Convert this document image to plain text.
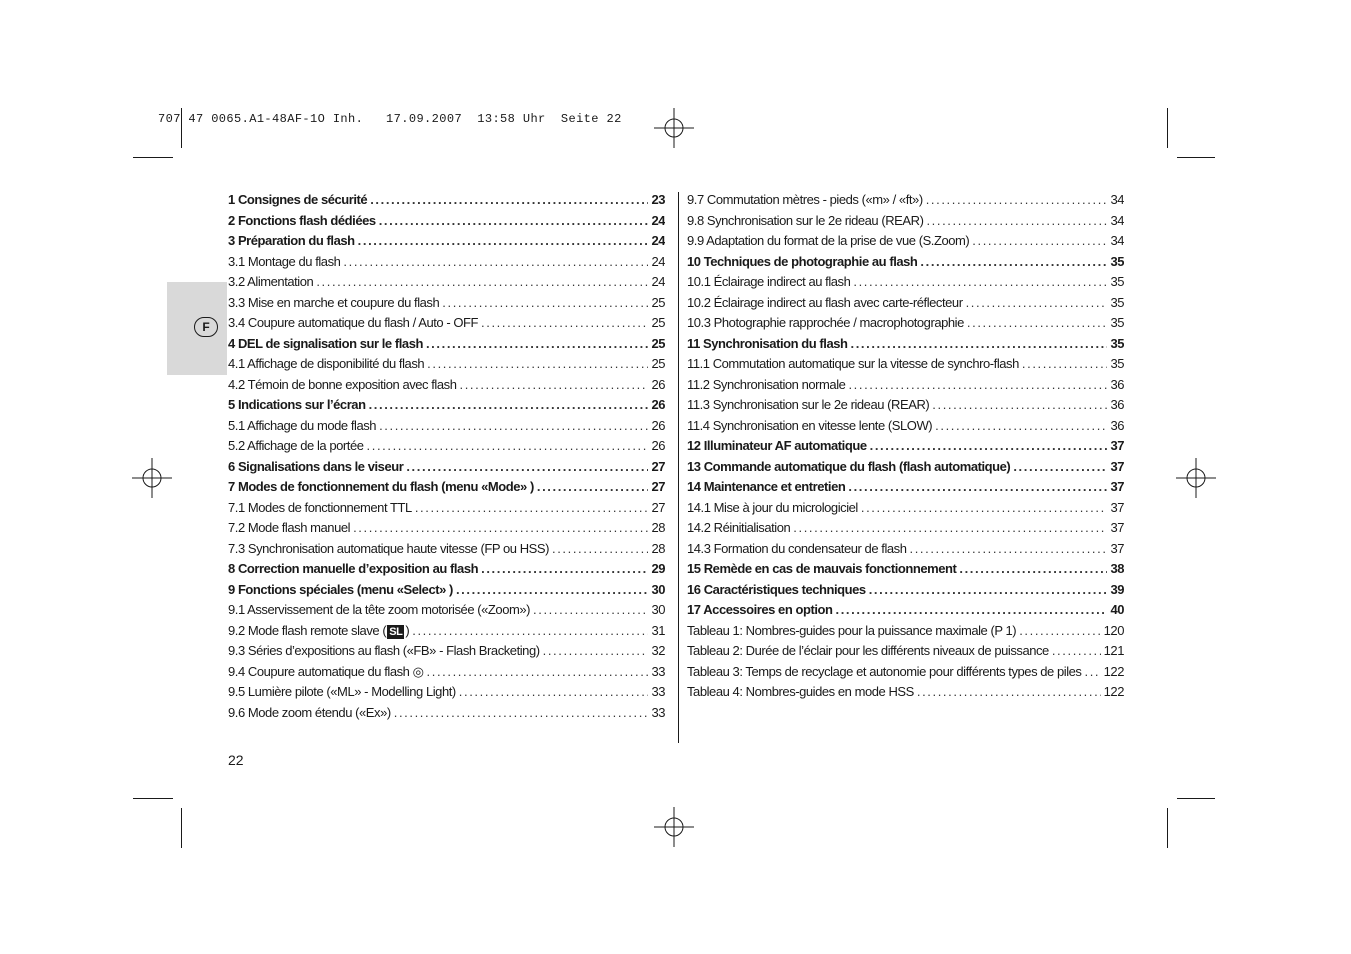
707 47 0065.A1-48AF-1O Inh.   17.09.2007  13:58 Uhr  Seite 22
F
1 Consignes de sécurité .....	23
2 Fonctions flash dédiées .....	24
3 Préparation du flash .....	24
3.1 Montage du flash .....	24
3.2 Alimentation .....	24
3.3 Mise en marche et coupure du flash .....	25
3.4 Coupure automatique du flash / Auto - OFF .....	25
4 DEL de signalisation sur le flash .....	25
4.1 Affichage de disponibilité du flash .....	25
4.2 Témoin de bonne exposition avec flash .....	26
5 Indications sur l’écran .....	26
5.1 Affichage du mode flash .....	26
5.2 Affichage de la portée .....	26
6 Signalisations dans le viseur .....	27
7 Modes de fonctionnement du flash (menu «Mode» ) .....	27
7.1 Modes de fonctionnement TTL .....	27
7.2 Mode flash manuel .....	28
7.3 Synchronisation automatique haute vitesse (FP ou HSS) .....	28
8 Correction manuelle d’exposition au flash .....	29
9 Fonctions spéciales (menu «Select» ) .....	30
9.1 Asservissement de la tête zoom motorisée («Zoom») .....	30
9.2 Mode flash remote slave ( SL ) .....	31
9.3 Séries d’expositions au flash («FB» - Flash Bracketing) .....	32
9.4 Coupure automatique du flash ◎ .....	33
9.5 Lumière pilote («ML» - Modelling Light) .....	33
9.6 Mode zoom étendu («Ex») .....	33
9.7 Commutation mètres - pieds («m» / «ft») .....	34
9.8 Synchronisation sur le 2e rideau (REAR) .....	34
9.9 Adaptation du format de la prise de vue (S.Zoom) .....	34
10 Techniques de photographie au flash .....	35
10.1 Éclairage indirect au flash .....	35
10.2 Éclairage indirect au flash avec carte-réflecteur .....	35
10.3 Photographie rapprochée / macrophotographie .....	35
11 Synchronisation du flash .....	35
11.1 Commutation automatique sur la vitesse de synchro-flash .....	35
11.2 Synchronisation normale .....	36
11.3 Synchronisation sur le 2e rideau (REAR) .....	36
11.4 Synchronisation en vitesse lente (SLOW) .....	36
12 Illuminateur AF automatique .....	37
13 Commande automatique du flash (flash automatique) .....	37
14 Maintenance et entretien .....	37
14.1 Mise à jour du micrologiciel .....	37
14.2 Réinitialisation .....	37
14.3 Formation du condensateur de flash .....	37
15 Remède en cas de mauvais fonctionnement .....	38
16 Caractéristiques techniques .....	39
17 Accessoires en option .....	40
Tableau 1: Nombres-guides pour la puissance maximale (P 1) .....	120
Tableau 2: Durée de l’éclair pour les différents niveaux de puissance .....	121
Tableau 3: Temps de recyclage et autonomie pour différents types de piles ..... 122
Tableau 4: Nombres-guides en mode HSS .....	122
22
